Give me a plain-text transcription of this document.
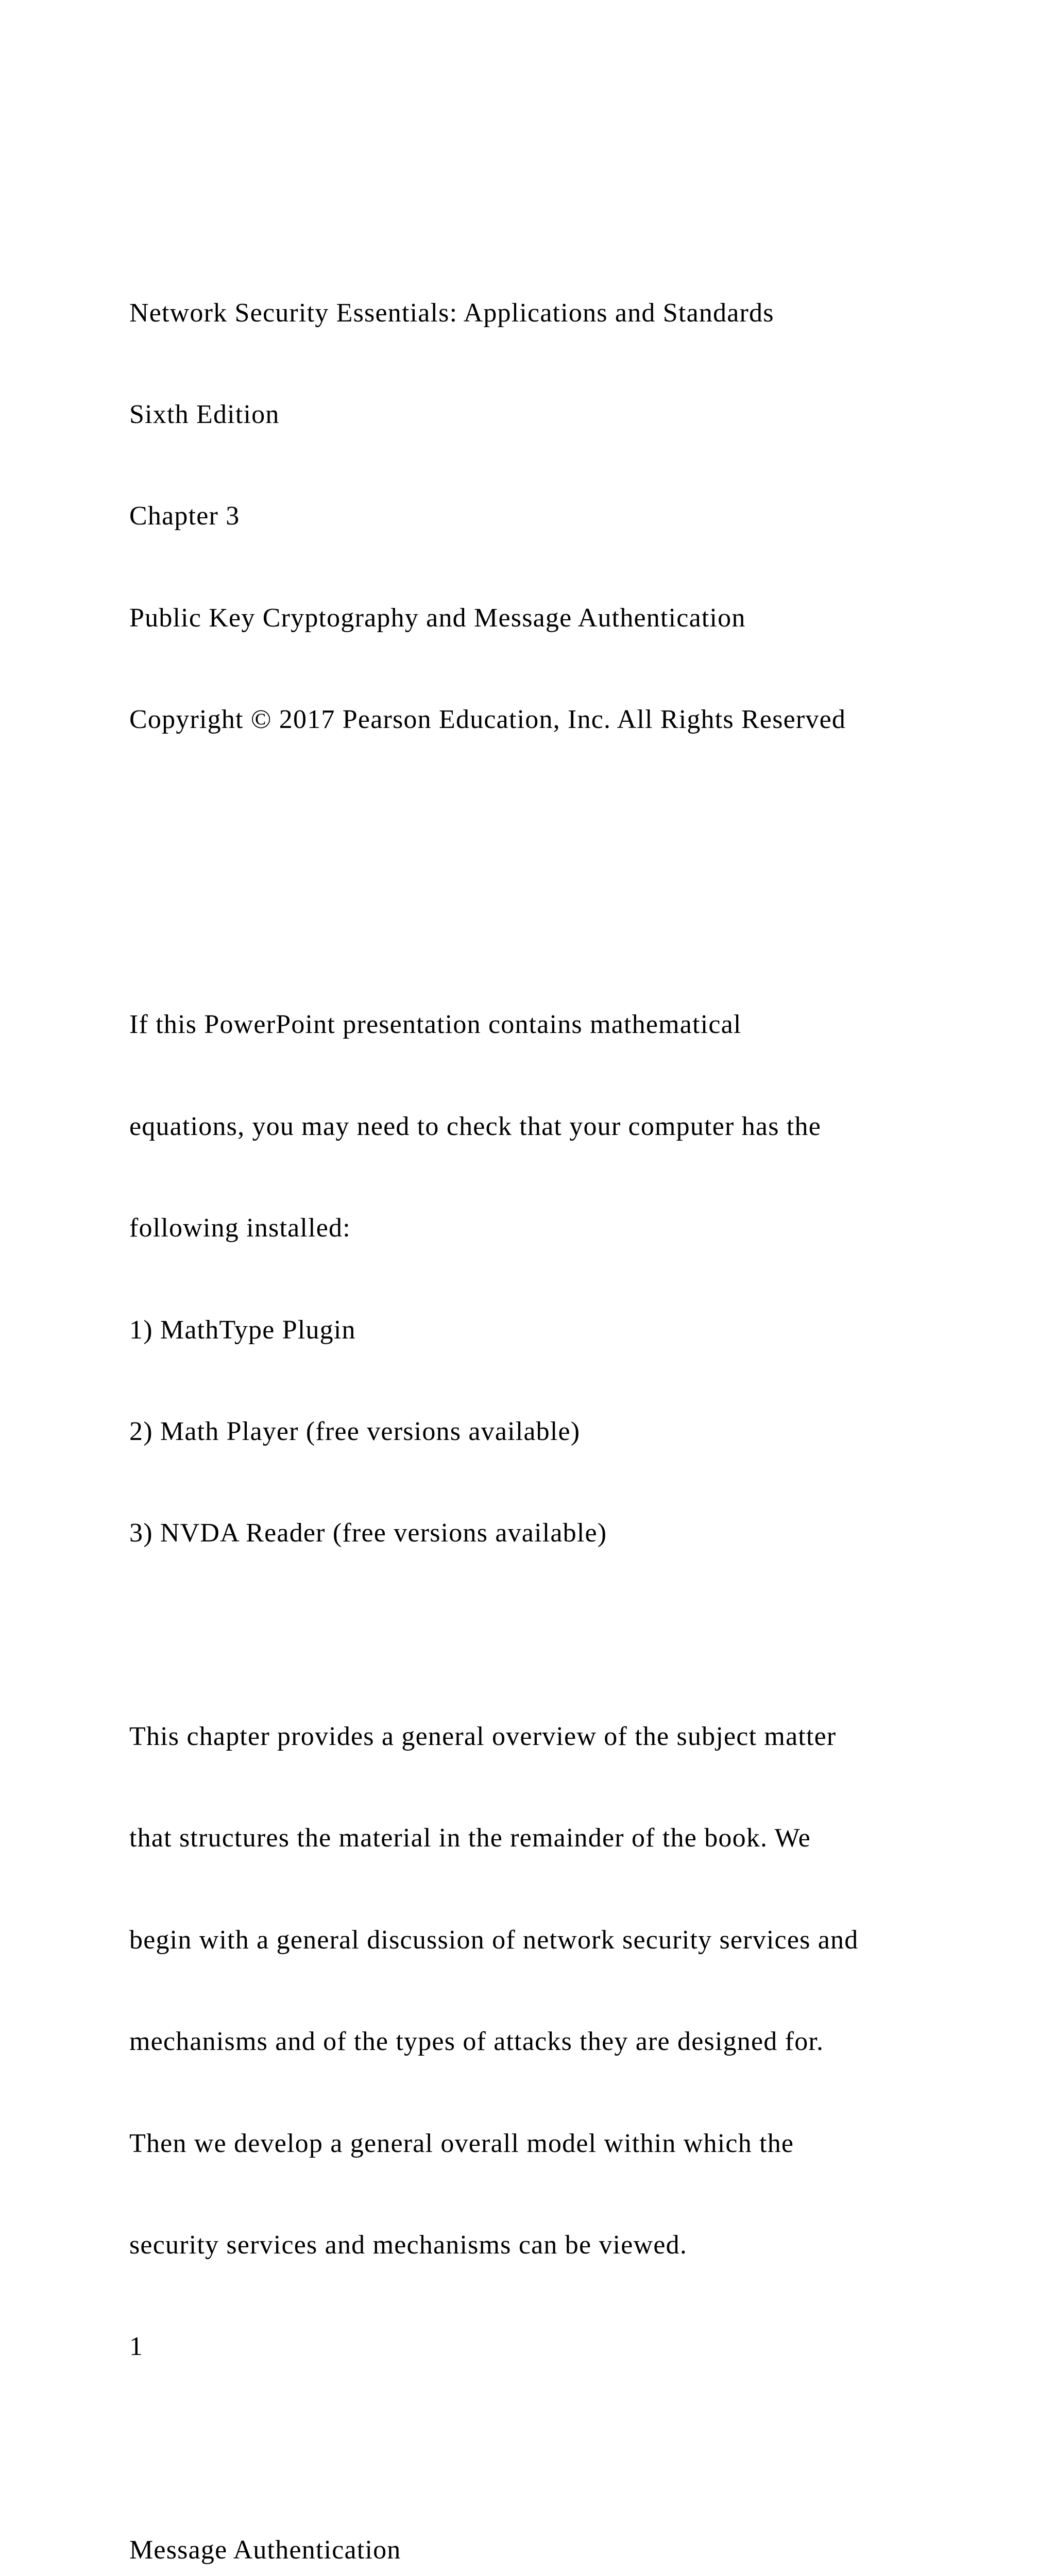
Network Security Essentials: Applications and Standards

Sixth Edition

Chapter 3

Public Key Cryptography and Message Authentication

Copyright © 2017 Pearson Education, Inc. All Rights Reserved

If this PowerPoint presentation contains mathematical

equations, you may need to check that your computer has the

following installed:

1) MathType Plugin

2) Math Player (free versions available)

3) NVDA Reader (free versions available)

This chapter provides a general overview of the subject matter

that structures the material in the remainder of the book. We

begin with a general discussion of network security services and

mechanisms and of the types of attacks they are designed for.

Then we develop a general overall model within which the

security services and mechanisms can be viewed.

1

Message Authentication
